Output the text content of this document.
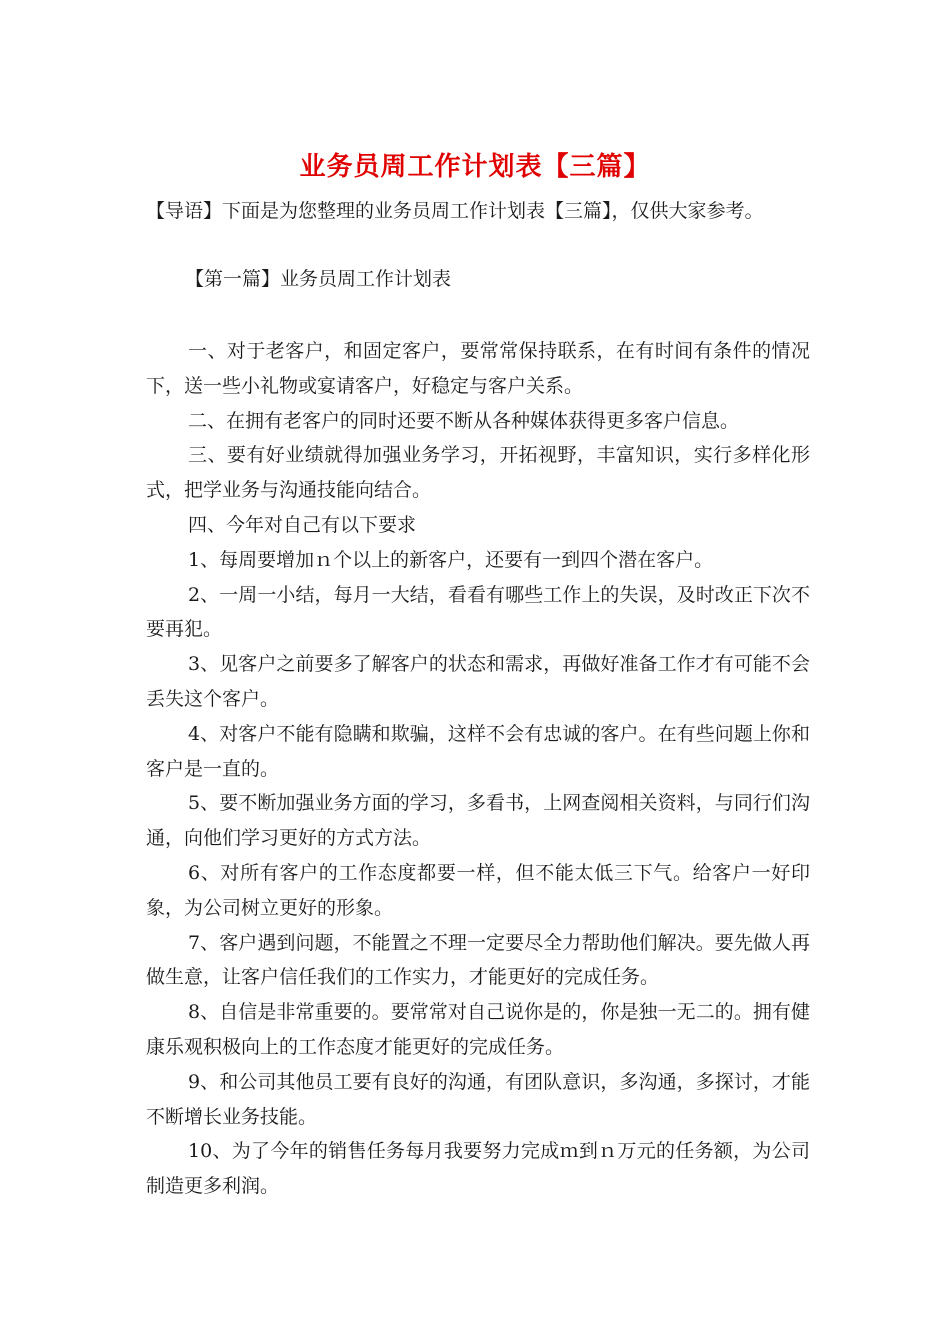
业务员周工作计划表【三篇】
【导语】下面是为您整理的业务员周工作计划表【三篇】，仅供大家参考。
【第一篇】业务员周工作计划表

一、对于老客户，和固定客户，要常常保持联系，在有时间有条件的情况下，送一些小礼物或宴请客户，好稳定与客户关系。

二、在拥有老客户的同时还要不断从各种媒体获得更多客户信息。

三、要有好业绩就得加强业务学习，开拓视野，丰富知识，实行多样化形式，把学业务与沟通技能向结合。

四、今年对自己有以下要求

1、每周要增加ｎ个以上的新客户，还要有一到四个潜在客户。

2、一周一小结，每月一大结，看看有哪些工作上的失误，及时改正下次不要再犯。

3、见客户之前要多了解客户的状态和需求，再做好准备工作才有可能不会丢失这个客户。

4、对客户不能有隐瞒和欺骗，这样不会有忠诚的客户。在有些问题上你和客户是一直的。

5、要不断加强业务方面的学习，多看书，上网查阅相关资料，与同行们沟通，向他们学习更好的方式方法。

6、对所有客户的工作态度都要一样，但不能太低三下气。给客户一好印象，为公司树立更好的形象。

7、客户遇到问题，不能置之不理一定要尽全力帮助他们解决。要先做人再做生意，让客户信任我们的工作实力，才能更好的完成任务。

8、自信是非常重要的。要常常对自己说你是的，你是独一无二的。拥有健康乐观积极向上的工作态度才能更好的完成任务。

9、和公司其他员工要有良好的沟通，有团队意识，多沟通，多探讨，才能不断增长业务技能。

10、为了今年的销售任务每月我要努力完成ｍ到ｎ万元的任务额，为公司制造更多利润。
